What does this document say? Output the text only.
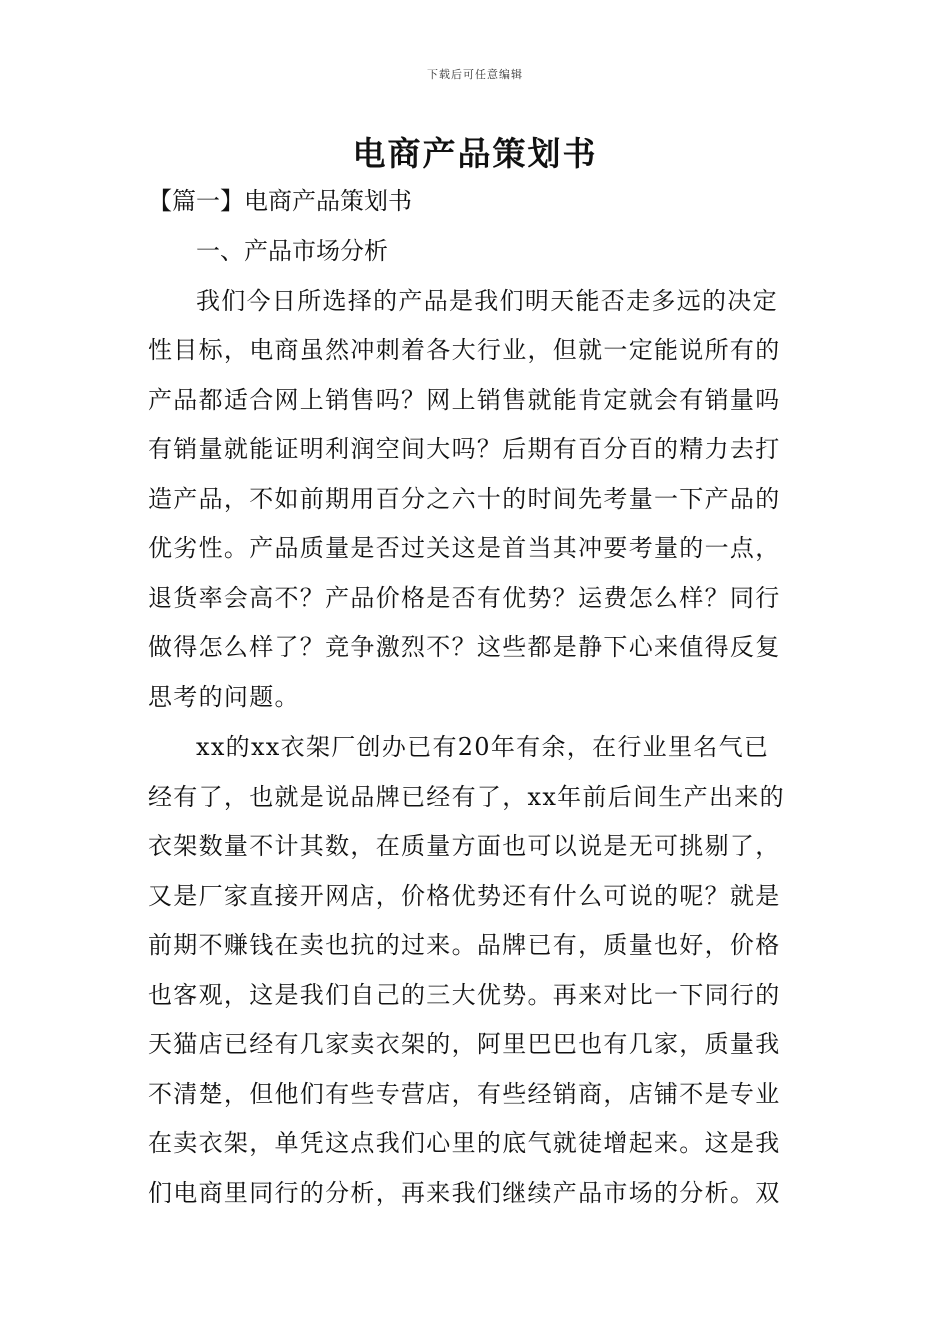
下载后可任意编辑
电商产品策划书
【篇一】电商产品策划书
一、产品市场分析
我们今日所选择的产品是我们明天能否走多远的决定
性目标，电商虽然冲刺着各大行业，但就一定能说所有的
产品都适合网上销售吗？网上销售就能肯定就会有销量吗
有销量就能证明利润空间大吗？后期有百分百的精力去打
造产品，不如前期用百分之六十的时间先考量一下产品的
优劣性。产品质量是否过关这是首当其冲要考量的一点，
退货率会高不？产品价格是否有优势？运费怎么样？同行
做得怎么样了？竞争激烈不？这些都是静下心来值得反复
思考的问题。
xx的xx衣架厂创办已有20年有余，在行业里名气已
经有了，也就是说品牌已经有了，xx年前后间生产出来的
衣架数量不计其数，在质量方面也可以说是无可挑剔了，
又是厂家直接开网店，价格优势还有什么可说的呢？就是
前期不赚钱在卖也抗的过来。品牌已有，质量也好，价格
也客观，这是我们自己的三大优势。再来对比一下同行的
天猫店已经有几家卖衣架的，阿里巴巴也有几家，质量我
不清楚，但他们有些专营店，有些经销商，店铺不是专业
在卖衣架，单凭这点我们心里的底气就徒增起来。这是我
们电商里同行的分析，再来我们继续产品市场的分析。双
